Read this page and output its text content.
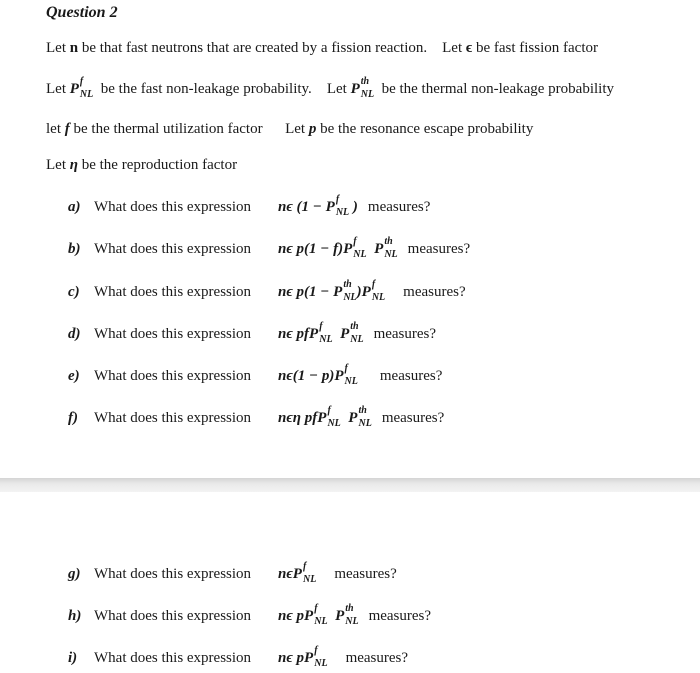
Question 2
Let n be that fast neutrons that are created by a fission reaction. Let ϵ be fast fission factor
Let P f
$_{NL}$ be the fast non-leakage probability. Let P th
$_{NL}$ be the thermal non-leakage probability
let f be the thermal utilization factor Let p be the resonance escape probability
Let η be the reproduction factor
a) What does this expression nϵ (1 − P f
$_{NL}$ )measures?
b) What does this expression nϵ p(1 − f)P f
$_{NL}$ P th
$_{NL}$ measures?
c) What does this expression nϵ p(1 − P th
$_{NL}$)P f
$_{NL}$ measures?
d) What does this expression nϵ pfP f
$_{NL}$ P th
$_{NL}$ measures?
e) What does this expression nϵ(1 − p)P f
$_{NL}$ measures?
f) What does this expression nϵη pfP f
$_{NL}$ P th
$_{NL}$ measures?
g) What does this expression nϵP f
$_{NL}$ measures?
h) What does this expression nϵ pP f
$_{NL}$ P th
$_{NL}$ measures?
i) What does this expression nϵ pP f
$_{NL}$ measures?
